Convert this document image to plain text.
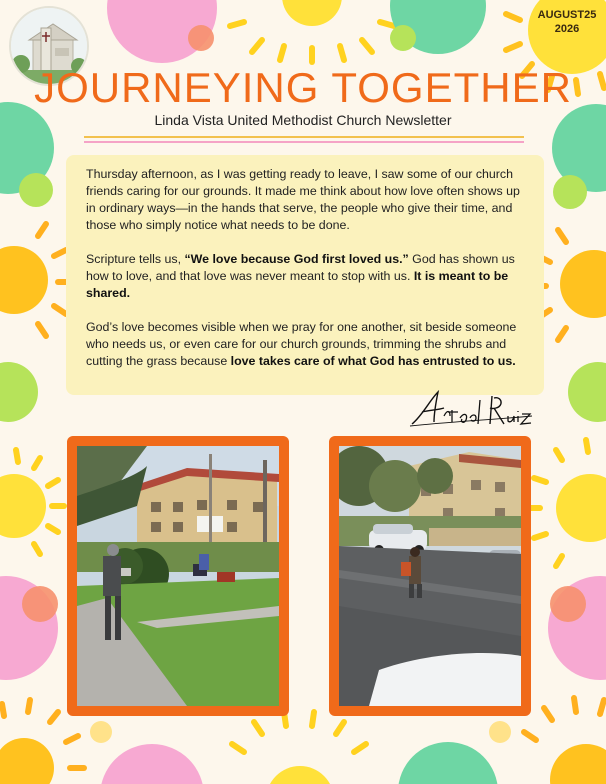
AUGUST25 2026
JOURNEYING TOGETHER
Linda Vista United Methodist Church Newsletter

Thursday afternoon, as I was getting ready to leave, I saw some of our church friends caring for our grounds. It made me think about how love often shows up in ordinary ways—in the hands that serve, the people who give their time, and those who simply notice what needs to be done.

Scripture tells us, “We love because God first loved us.” God has shown us how to love, and that love was never meant to stop with us. It is meant to be shared.

God’s love becomes visible when we pray for one another, sit beside someone who needs us, or even care for our church grounds, trimming the shrubs and cutting the grass because love takes care of what God has entrusted to us.
